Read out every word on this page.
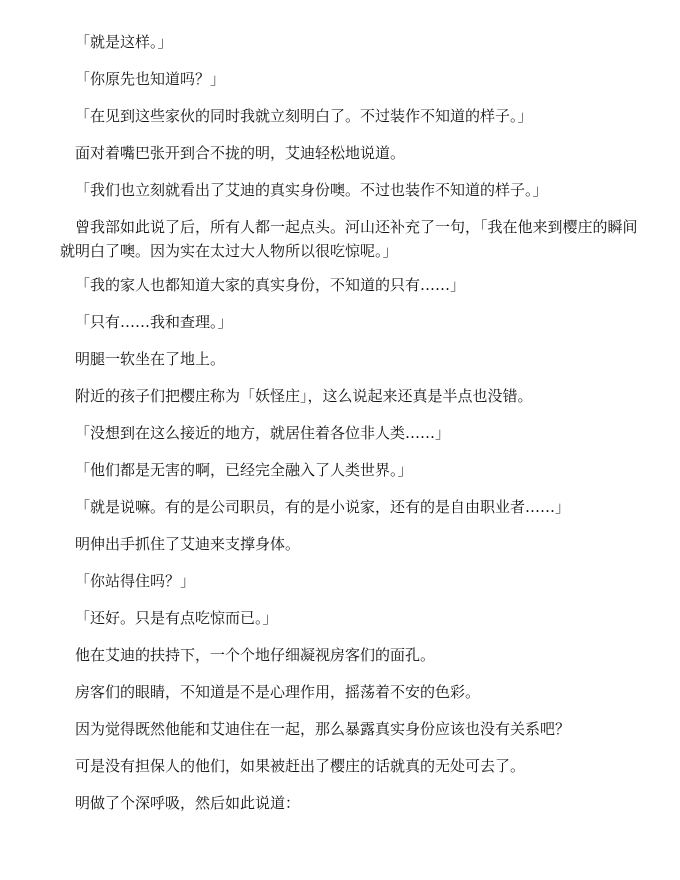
「就是这样。」

「你原先也知道吗？」

「在见到这些家伙的同时我就立刻明白了。不过装作不知道的样子。」

面对着嘴巴张开到合不拢的明，艾迪轻松地说道。

「我们也立刻就看出了艾迪的真实身份噢。不过也装作不知道的样子。」

曾我部如此说了后，所有人都一起点头。河山还补充了一句，「我在他来到樱庄的瞬间就明白了噢。因为实在太过大人物所以很吃惊呢。」

「我的家人也都知道大家的真实身份，不知道的只有……」

「只有……我和查理。」

明腿一软坐在了地上。

附近的孩子们把樱庄称为「妖怪庄」，这么说起来还真是半点也没错。

「没想到在这么接近的地方，就居住着各位非人类……」

「他们都是无害的啊，已经完全融入了人类世界。」

「就是说嘛。有的是公司职员，有的是小说家，还有的是自由职业者……」

明伸出手抓住了艾迪来支撑身体。

「你站得住吗？」

「还好。只是有点吃惊而已。」

他在艾迪的扶持下，一个个地仔细凝视房客们的面孔。

房客们的眼睛，不知道是不是心理作用，摇荡着不安的色彩。

因为觉得既然他能和艾迪住在一起，那么暴露真实身份应该也没有关系吧？

可是没有担保人的他们，如果被赶出了樱庄的话就真的无处可去了。

明做了个深呼吸，然后如此说道：
